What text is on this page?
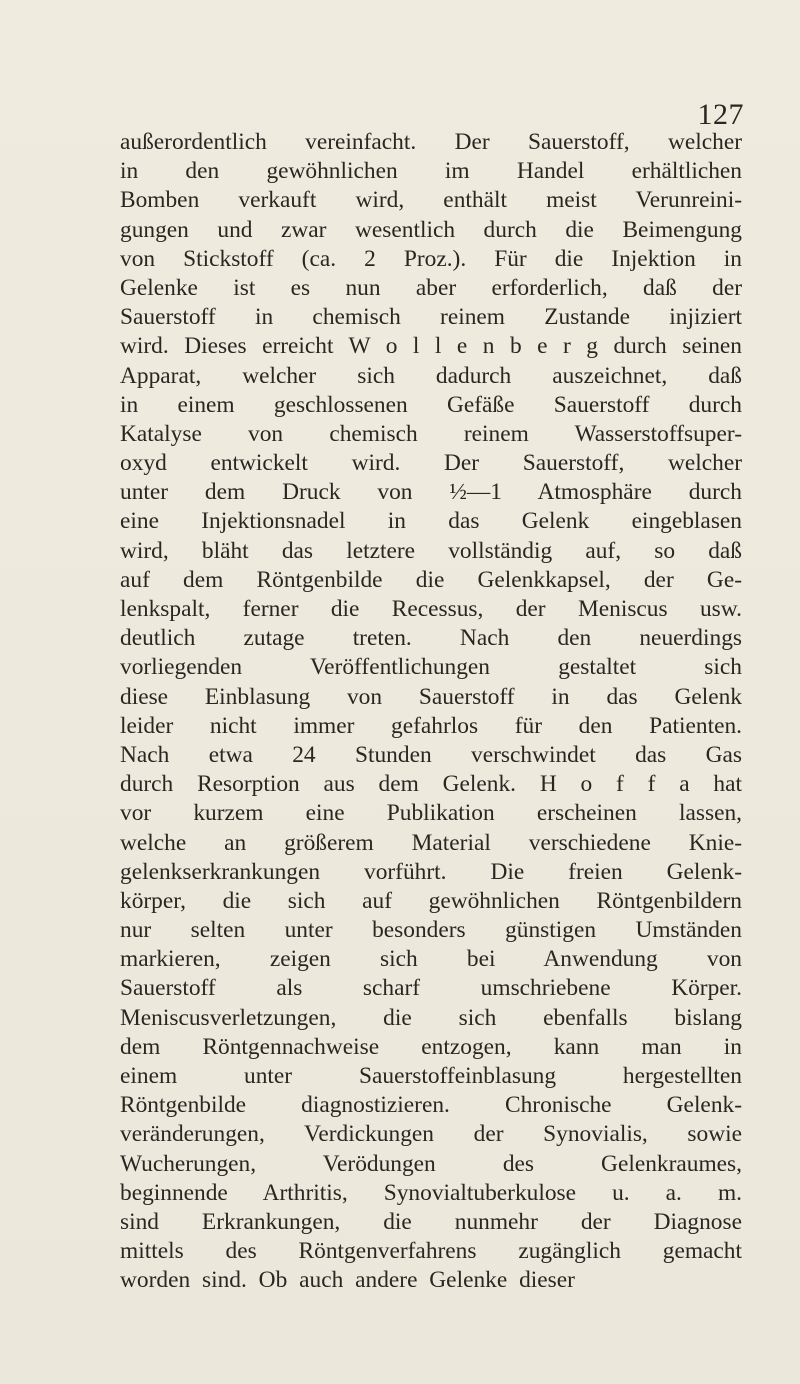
127
außerordentlich vereinfacht. Der Sauerstoff, welcher
in den gewöhnlichen im Handel erhältlichen
Bomben verkauft wird, enthält meist Verunreini-
gungen und zwar wesentlich durch die Beimengung
von Stickstoff (ca. 2 Proz.). Für die Injektion in
Gelenke ist es nun aber erforderlich, daß der
Sauerstoff in chemisch reinem Zustande injiziert
wird. Dieses erreicht W o l l e n b e r g durch seinen
Apparat, welcher sich dadurch auszeichnet, daß
in einem geschlossenen Gefäße Sauerstoff durch
Katalyse von chemisch reinem Wasserstoffsuper-
oxyd entwickelt wird. Der Sauerstoff, welcher
unter dem Druck von ½—1 Atmosphäre durch
eine Injektionsnadel in das Gelenk eingeblasen
wird, bläht das letztere vollständig auf, so daß
auf dem Röntgenbilde die Gelenkkapsel, der Ge-
lenkspalt, ferner die Recessus, der Meniscus usw.
deutlich zutage treten. Nach den neuerdings
vorliegenden Veröffentlichungen gestaltet sich
diese Einblasung von Sauerstoff in das Gelenk
leider nicht immer gefahrlos für den Patienten.
Nach etwa 24 Stunden verschwindet das Gas
durch Resorption aus dem Gelenk. H o f f a hat
vor kurzem eine Publikation erscheinen lassen,
welche an größerem Material verschiedene Knie-
gelenkserkrankungen vorführt. Die freien Gelenk-
körper, die sich auf gewöhnlichen Röntgenbildern
nur selten unter besonders günstigen Umständen
markieren, zeigen sich bei Anwendung von
Sauerstoff als scharf umschriebene Körper.
Meniscusverletzungen, die sich ebenfalls bislang
dem Röntgennachweise entzogen, kann man in
einem unter Sauerstoffeinblasung hergestellten
Röntgenbilde diagnostizieren. Chronische Gelenk-
veränderungen, Verdickungen der Synovialis, sowie
Wucherungen, Verödungen des Gelenkraumes,
beginnende Arthritis, Synovialtuberkulose u. a. m.
sind Erkrankungen, die nunmehr der Diagnose
mittels des Röntgenverfahrens zugänglich gemacht
worden sind. Ob auch andere Gelenke dieser
